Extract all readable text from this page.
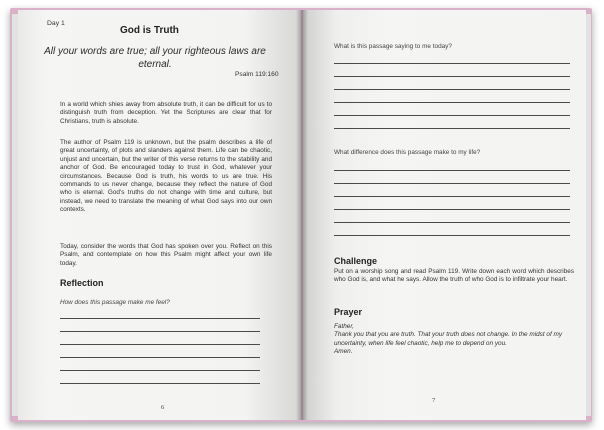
Day 1
God is Truth
All your words are true; all your righteous laws are eternal.
Psalm 119:160
In a world which shies away from absolute truth, it can be difficult for us to distinguish truth from deception. Yet the Scriptures are clear that for Christians, truth is absolute.
The author of Psalm 119 is unknown, but the psalm describes a life of great uncertainty, of plots and slanders against them. Life can be chaotic, unjust and uncertain, but the writer of this verse returns to the stability and anchor of God. Be encouraged today to trust in God, whatever your circumstances. Because God is truth, his words to us are true. His commands to us never change, because they reflect the nature of God who is eternal. God's truths do not change with time and culture, but instead, we need to translate the meaning of what God says into our own contexts.
Today, consider the words that God has spoken over you. Reflect on this Psalm, and contemplate on how this Psalm might affect your own life today.
Reflection
How does this passage make me feel?
6
What is this passage saying to me today?
What difference does this passage make to my life?
Challenge
Put on a worship song and read Psalm 119. Write down each word which describes who God is, and what he says. Allow the truth of who God is to infiltrate your heart.
Prayer
Father,
Thank you that you are truth. That your truth does not change. In the midst of my uncertainty, when life feel chaotic, help me to depend on you.
Amen.
7
